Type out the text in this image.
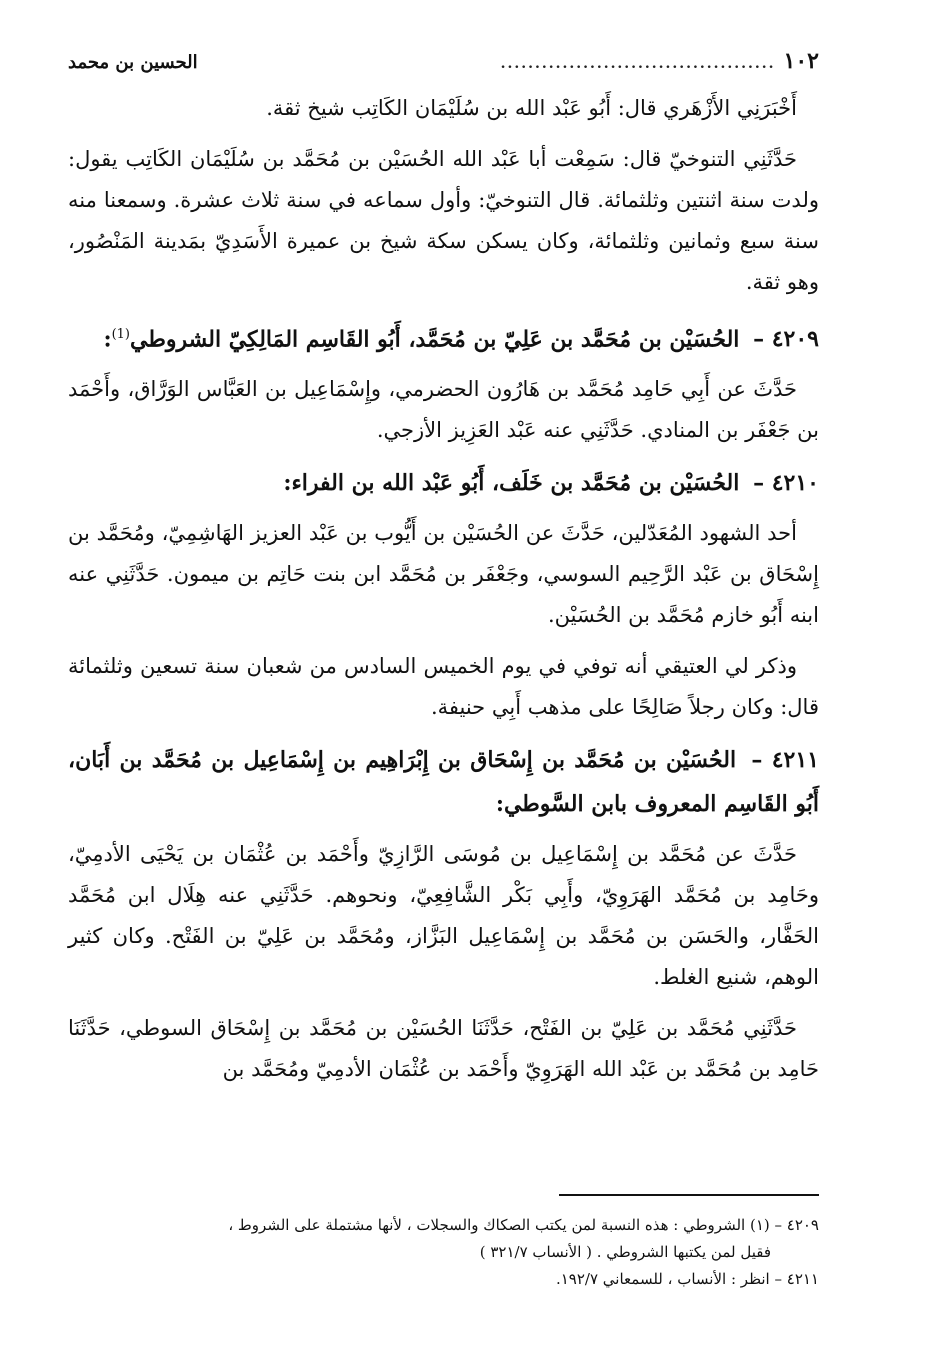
١٠٢
........................................
الحسين بن محمد

أَخْبَرَنِي الأَزْهَري قال: أَبُو عَبْد الله بن سُلَيْمَان الكَاتِب شيخ ثقة.

حَدَّثَنِي التنوخيّ قال: سَمِعْت أبا عَبْد الله الحُسَيْن بن مُحَمَّد بن سُلَيْمَان الكَاتِب يقول: ولدت سنة اثنتين وثلثمائة. قال التنوخيّ: وأول سماعه في سنة ثلاث عشرة. وسمعنا منه سنة سبع وثمانين وثلثمائة، وكان يسكن سكة شيخ بن عميرة الأَسَدِيّ بمَدينة المَنْصُور، وهو ثقة.

٤٢٠٩ – الحُسَيْن بن مُحَمَّد بن عَلِيّ بن مُحَمَّد، أَبُو القَاسِم المَالِكِيّ الشروطي$^{(1)}$:

حَدَّثَ عن أَبِي حَامِد مُحَمَّد بن هَارُون الحضرمي، وإِسْمَاعِيل بن العَبَّاس الوَرَّاق، وأَحْمَد بن جَعْفَر بن المنادي. حَدَّثَنِي عنه عَبْد العَزِيز الأزجي.

٤٢١٠ – الحُسَيْن بن مُحَمَّد بن خَلَف، أَبُو عَبْد الله بن الفراء:

أحد الشهود المُعَدّلين، حَدَّثَ عن الحُسَيْن بن أَيُّوب بن عَبْد العزيز الهَاشِمِيّ، ومُحَمَّد بن إِسْحَاق بن عَبْد الرَّحِيم السوسي، وجَعْفَر بن مُحَمَّد ابن بنت حَاتِم بن ميمون. حَدَّثَنِي عنه ابنه أَبُو خازم مُحَمَّد بن الحُسَيْن.

وذكر لي العتيقي أنه توفي في يوم الخميس السادس من شعبان سنة تسعين وثلثمائة قال: وكان رجلاً صَالِحًا على مذهب أَبِي حنيفة.

٤٢١١ – الحُسَيْن بن مُحَمَّد بن إِسْحَاق بن إِبْرَاهِيم بن إِسْمَاعِيل بن مُحَمَّد بن أَبَان، أَبُو القَاسِم المعروف بابن السَّوطي:

حَدَّثَ عن مُحَمَّد بن إِسْمَاعِيل بن مُوسَى الرَّازِيّ وأَحْمَد بن عُثْمَان بن يَحْيَى الأدمِيّ، وحَامِد بن مُحَمَّد الهَرَوِيّ، وأَبِي بَكْر الشَّافِعِيّ، ونحوهم. حَدَّثَنِي عنه هِلَال ابن مُحَمَّد الحَفَّار، والحَسَن بن مُحَمَّد بن إِسْمَاعِيل البَزَّاز، ومُحَمَّد بن عَلِيّ بن الفَتْح. وكان كثير الوهم، شنيع الغلط.

حَدَّثَنِي مُحَمَّد بن عَلِيّ بن الفَتْح، حَدَّثَنَا الحُسَيْن بن مُحَمَّد بن إِسْحَاق السوطي، حَدَّثَنَا حَامِد بن مُحَمَّد بن عَبْد الله الهَرَوِيّ وأَحْمَد بن عُثْمَان الأدمِيّ ومُحَمَّد بن

٤٢٠٩ – (١) الشروطي : هذه النسبة لمن يكتب الصكاك والسجلات ، لأنها مشتملة على الشروط ،

فقيل لمن يكتبها الشروطي . ( الأنساب ٣٢١/٧ )

٤٢١١ – انظر : الأنساب ، للسمعاني ١٩٢/٧.
